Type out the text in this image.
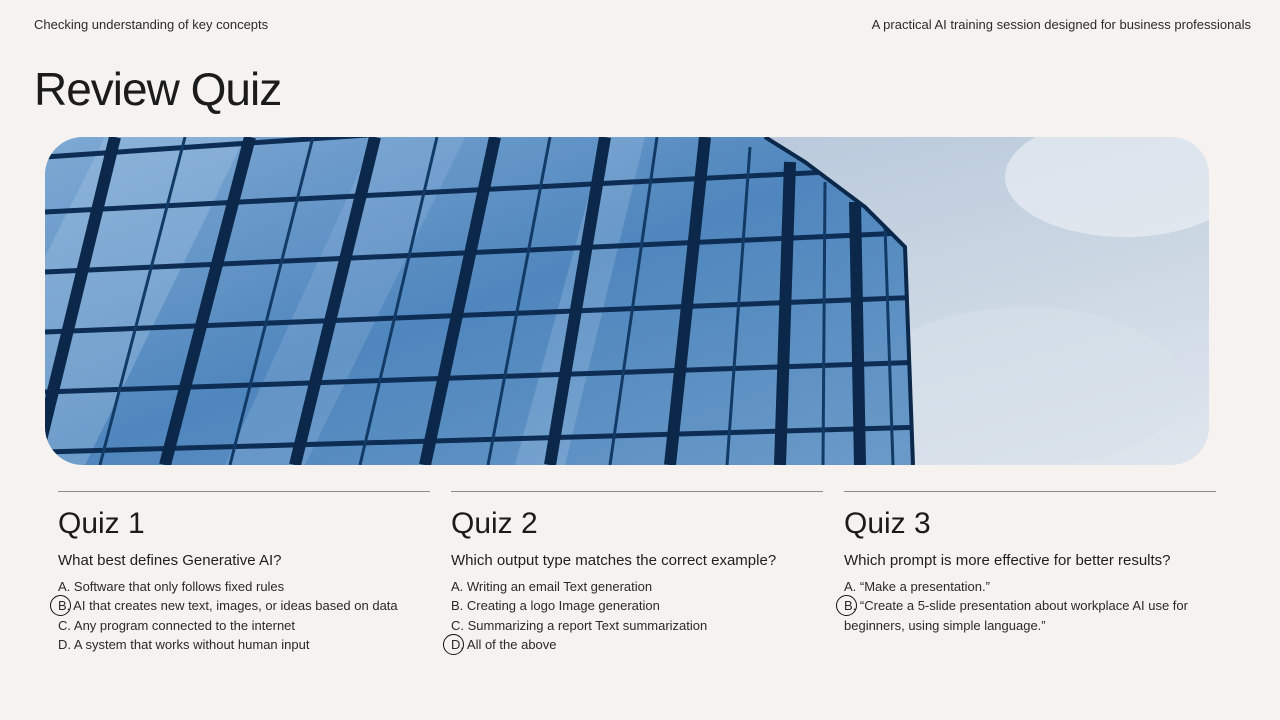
Checking understanding of key concepts	A practical AI training session designed for business professionals
Review Quiz
Quiz 1

What best defines Generative AI?

A. Software that only follows fixed rules
B. AI that creates new text, images, or ideas based on data
C. Any program connected to the internet
D. A system that works without human input
Quiz 2

Which output type matches the correct example?

A. Writing an email Text generation
B. Creating a logo Image generation
C. Summarizing a report Text summarization
D. All of the above
Quiz 3

Which prompt is more effective for better results?

A. “Make a presentation.”
B. “Create a 5-slide presentation about workplace AI use for beginners, using simple language.”
